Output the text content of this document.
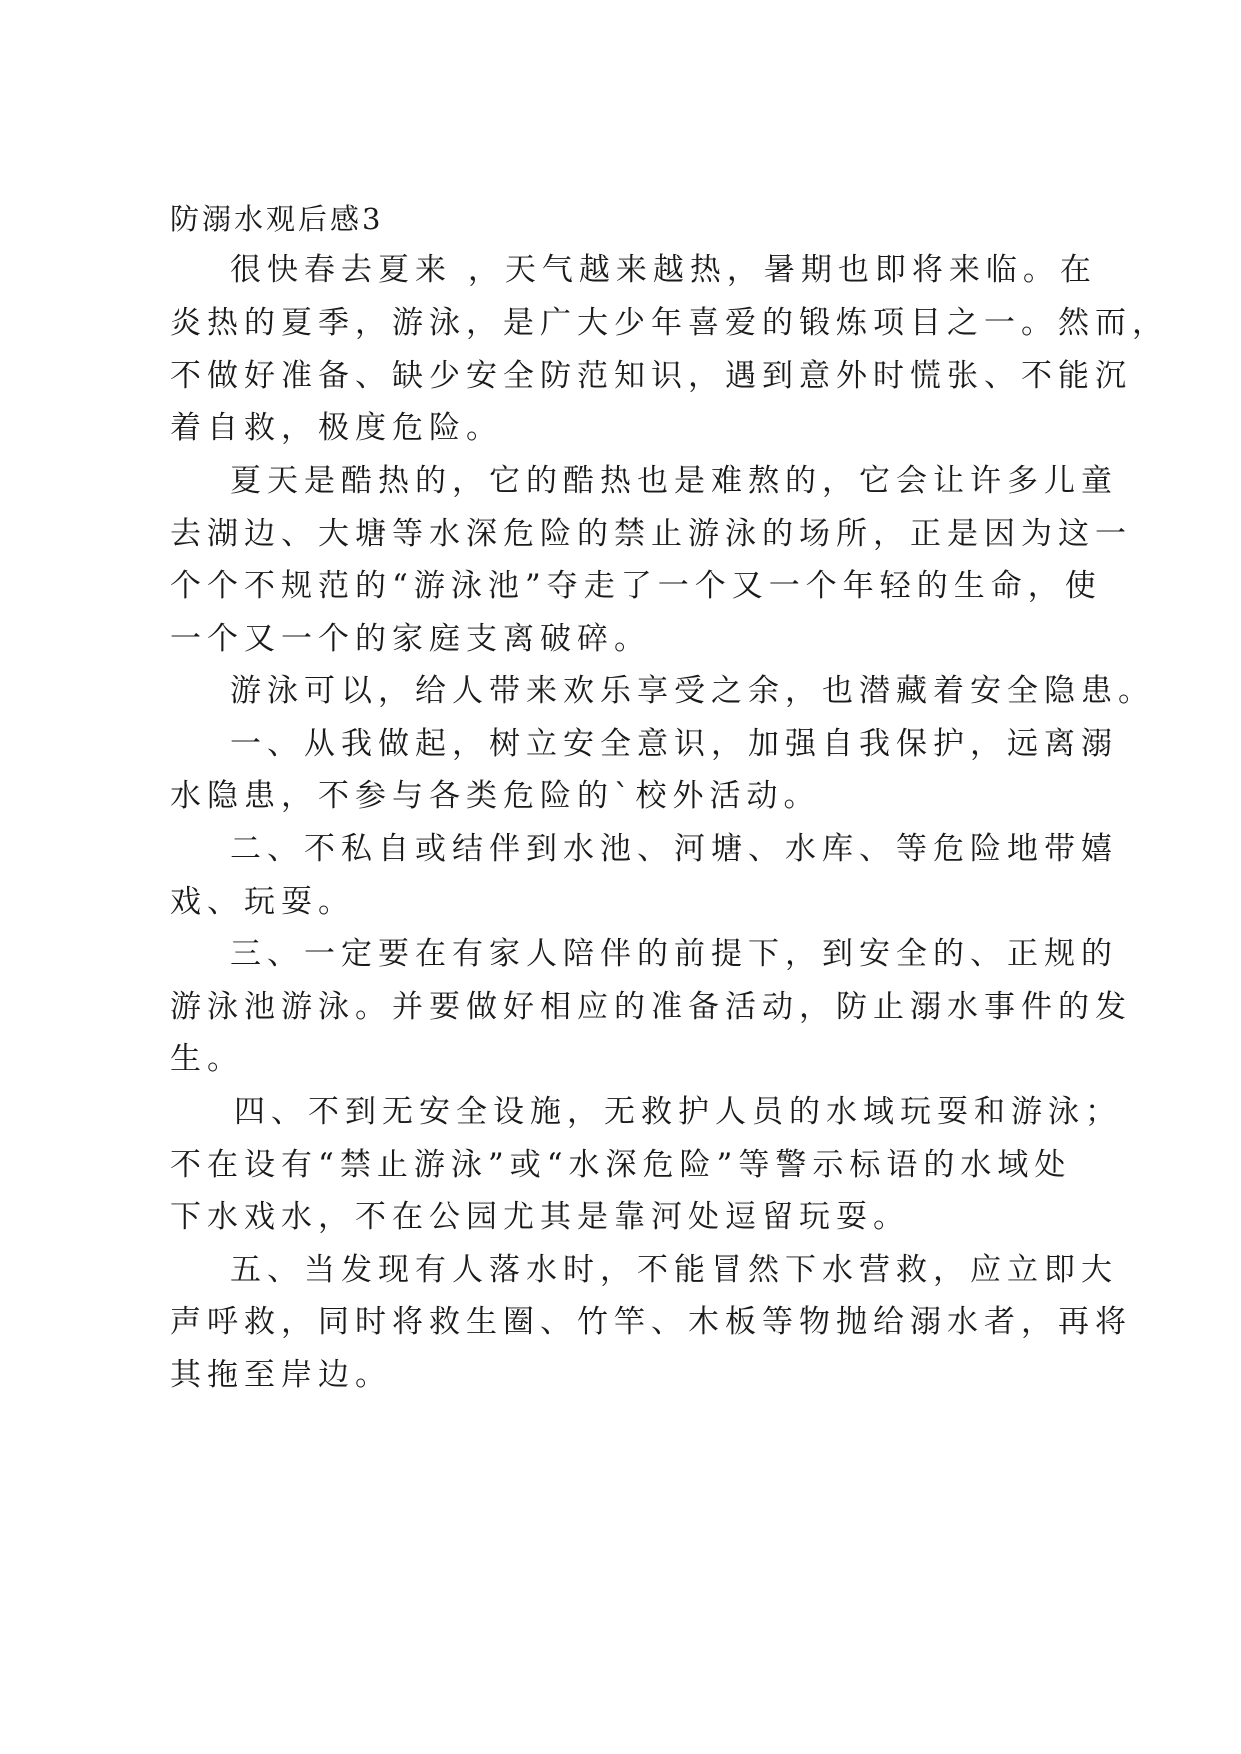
防溺水观后感3
很快春去夏来 ，天气越来越热，暑期也即将来临。在
炎热的夏季，游泳，是广大少年喜爱的锻炼项目之一。然而，
不做好准备、缺少安全防范知识，遇到意外时慌张、不能沉
着自救，极度危险。
夏天是酷热的，它的酷热也是难熬的，它会让许多儿童
去湖边、大塘等水深危险的禁止游泳的场所，正是因为这一
个个不规范的“游泳池”夺走了一个又一个年轻的生命，使
一个又一个的家庭支离破碎。
游泳可以，给人带来欢乐享受之余，也潜藏着安全隐患。
一、从我做起，树立安全意识，加强自我保护，远离溺
水隐患，不参与各类危险的`校外活动。
二、不私自或结伴到水池、河塘、水库、等危险地带嬉
戏、玩耍。
三、一定要在有家人陪伴的前提下，到安全的、正规的
游泳池游泳。并要做好相应的准备活动，防止溺水事件的发
生。
四、不到无安全设施，无救护人员的水域玩耍和游泳；
不在设有“禁止游泳”或“水深危险”等警示标语的水域处
下水戏水，不在公园尤其是靠河处逗留玩耍。
五、当发现有人落水时，不能冒然下水营救，应立即大
声呼救，同时将救生圈、竹竿、木板等物抛给溺水者，再将
其拖至岸边。
